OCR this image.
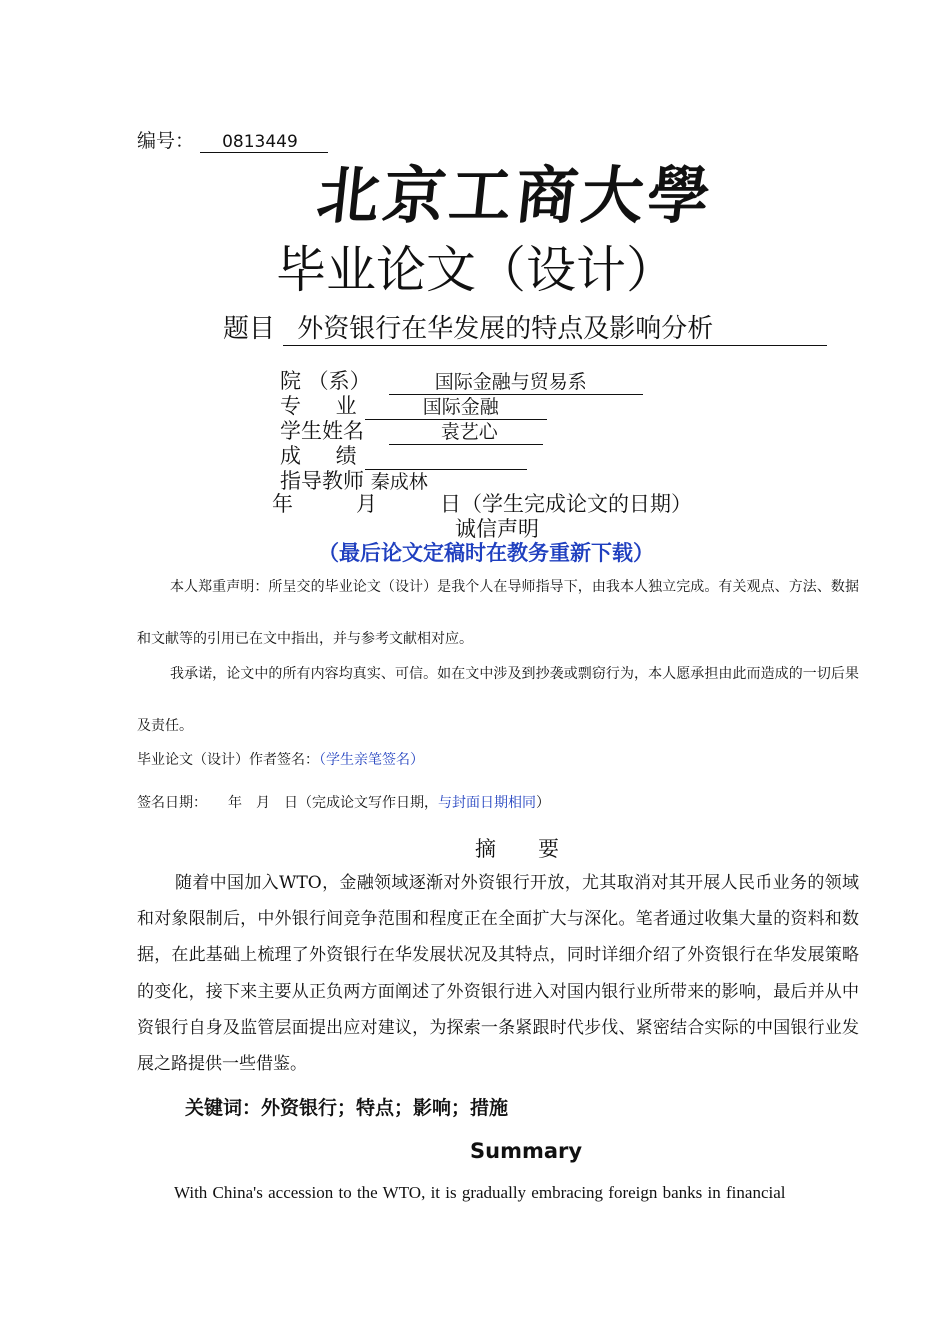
编号： 0813449
北京工商大學
毕业论文（设计）
题目 外资银行在华发展的特点及影响分析
院 （系）	国际金融与贸易系
专 业	国际金融
学生姓名	袁艺心
成 绩
指导教师 秦成林
年　　　月　　　日（学生完成论文的日期）
诚信声明
（最后论文定稿时在教务重新下载）
本人郑重声明：所呈交的毕业论文（设计）是我个人在导师指导下，由我本人独立完成。有关观点、方法、数据和文献等的引用已在文中指出，并与参考文献相对应。
我承诺，论文中的所有内容均真实、可信。如在文中涉及到抄袭或剽窃行为，本人愿承担由此而造成的一切后果及责任。
毕业论文（设计）作者签名：（学生亲笔签名）
签名日期：　　年　月　日（完成论文写作日期，与封面日期相同）
摘　　要
随着中国加入WTO，金融领域逐渐对外资银行开放，尤其取消对其开展人民币业务的领域和对象限制后，中外银行间竞争范围和程度正在全面扩大与深化。笔者通过收集大量的资料和数据，在此基础上梳理了外资银行在华发展状况及其特点，同时详细介绍了外资银行在华发展策略的变化，接下来主要从正负两方面阐述了外资银行进入对国内银行业所带来的影响，最后并从中资银行自身及监管层面提出应对建议，为探索一条紧跟时代步伐、紧密结合实际的中国银行业发展之路提供一些借鉴。
关键词：外资银行；特点；影响；措施
Summary
With China's accession to the WTO, it is gradually embracing foreign banks in financial
